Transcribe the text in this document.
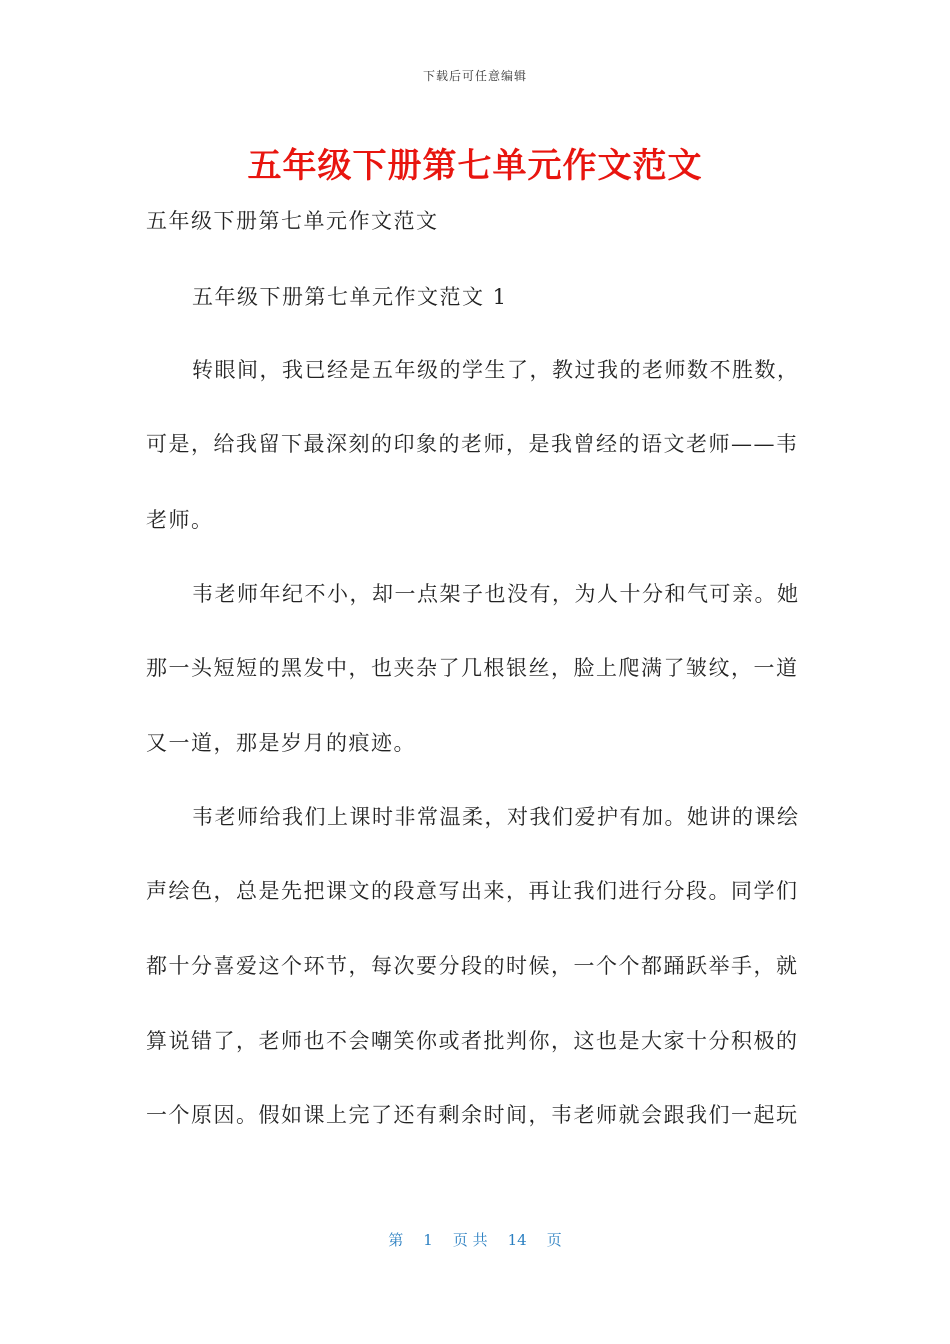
下载后可任意编辑
五年级下册第七单元作文范文
五年级下册第七单元作文范文
五年级下册第七单元作文范文 1
转眼间，我已经是五年级的学生了，教过我的老师数不胜数，
可是，给我留下最深刻的印象的老师，是我曾经的语文老师——韦
老师。
韦老师年纪不小，却一点架子也没有，为人十分和气可亲。她
那一头短短的黑发中，也夹杂了几根银丝，脸上爬满了皱纹，一道
又一道，那是岁月的痕迹。
韦老师给我们上课时非常温柔，对我们爱护有加。她讲的课绘
声绘色，总是先把课文的段意写出来，再让我们进行分段。同学们
都十分喜爱这个环节，每次要分段的时候，一个个都踊跃举手，就
算说错了，老师也不会嘲笑你或者批判你，这也是大家十分积极的
一个原因。假如课上完了还有剩余时间，韦老师就会跟我们一起玩
第 1 页 共 14 页
